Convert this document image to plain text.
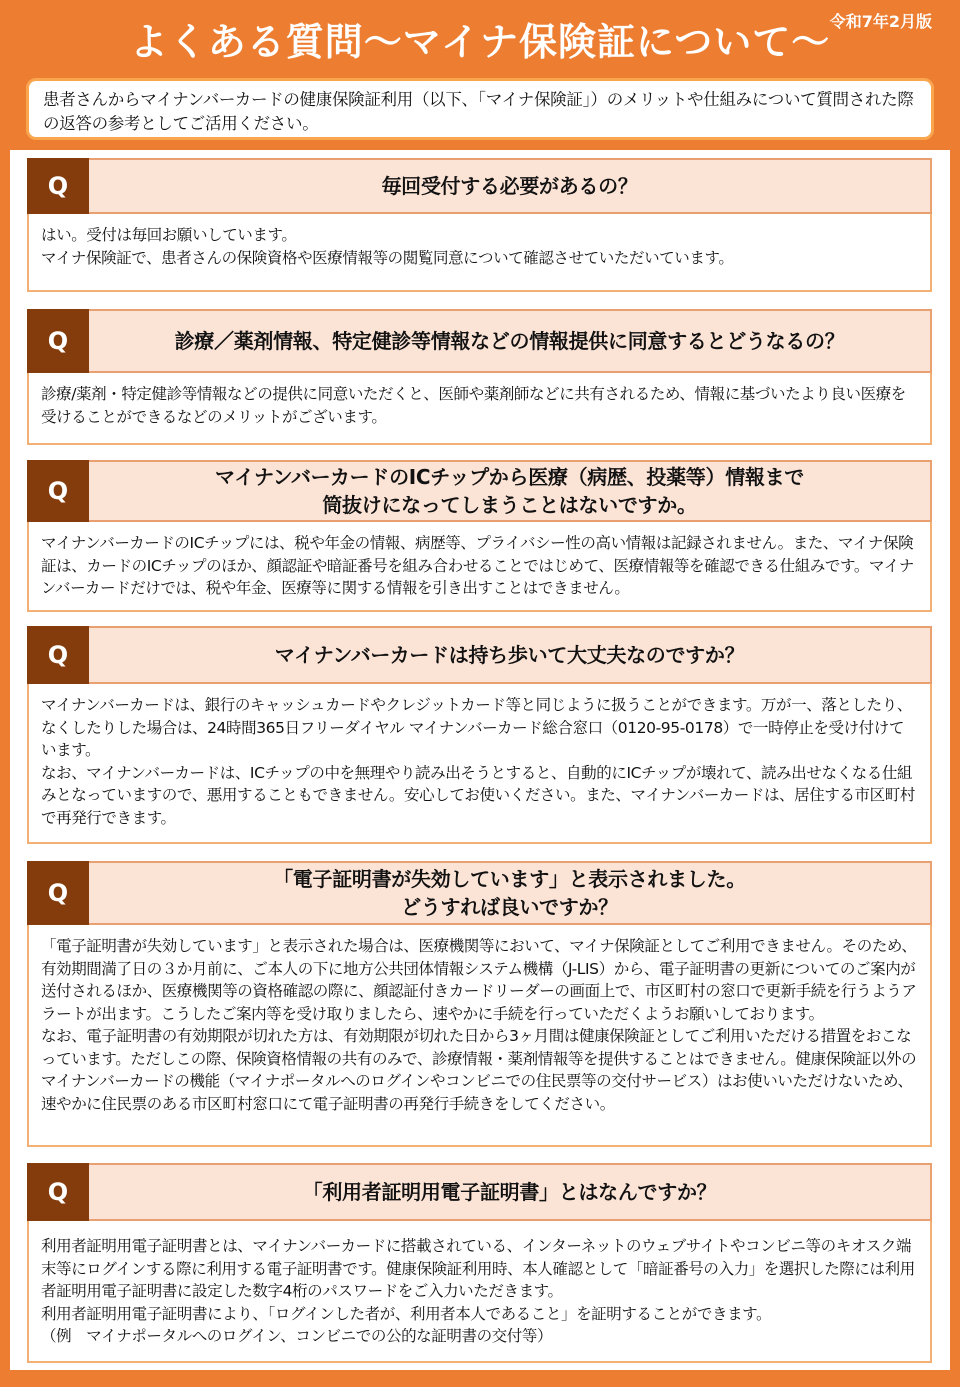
よくある質問～マイナ保険証について～ 令和7年2月版
患者さんからマイナンバーカードの健康保険証利用（以下、「マイナ保険証」）のメリットや仕組みについて質問された際の返答の参考としてご活用ください。
Q	毎回受付する必要があるの？

はい。受付は毎回お願いしています。

マイナ保険証で、患者さんの保険資格や医療情報等の閲覧同意について確認させていただいています。

Q	診療／薬剤情報、特定健診等情報などの情報提供に同意するとどうなるの？

診療/薬剤・特定健診等情報などの提供に同意いただくと、医師や薬剤師などに共有されるため、情報に基づいたより良い医療を受けることができるなどのメリットがございます。

Q	マイナンバーカードのICチップから医療（病歴、投薬等）情報まで
筒抜けになってしまうことはないですか。

マイナンバーカードのICチップには、税や年金の情報、病歴等、プライバシー性の高い情報は記録されません。また、マイナ保険証は、カードのICチップのほか、顔認証や暗証番号を組み合わせることではじめて、医療情報等を確認できる仕組みです。マイナンバーカードだけでは、税や年金、医療等に関する情報を引き出すことはできません。

Q	マイナンバーカードは持ち歩いて大丈夫なのですか？

マイナンバーカードは、銀行のキャッシュカードやクレジットカード等と同じように扱うことができます。万が一、落としたり、なくしたりした場合は、24時間365日フリーダイヤル マイナンバーカード総合窓口（0120-95-0178）で一時停止を受け付けています。

なお、マイナンバーカードは、ICチップの中を無理やり読み出そうとすると、自動的にICチップが壊れて、読み出せなくなる仕組みとなっていますので、悪用することもできません。安心してお使いください。また、マイナンバーカードは、居住する市区町村で再発行できます。

Q	「電子証明書が失効しています」と表示されました。
どうすれば良いですか？

「電子証明書が失効しています」と表示された場合は、医療機関等において、マイナ保険証としてご利用できません。そのため、有効期間満了日の３か月前に、ご本人の下に地方公共団体情報システム機構（J-LIS）から、電子証明書の更新についてのご案内が送付されるほか、医療機関等の資格確認の際に、顔認証付きカードリーダーの画面上で、市区町村の窓口で更新手続を行うようアラートが出ます。こうしたご案内等を受け取りましたら、速やかに手続を行っていただくようお願いしております。

なお、電子証明書の有効期限が切れた方は、有効期限が切れた日から3ヶ月間は健康保険証としてご利用いただける措置をおこなっています。ただしこの際、保険資格情報の共有のみで、診療情報・薬剤情報等を提供することはできません。健康保険証以外のマイナンバーカードの機能（マイナポータルへのログインやコンビニでの住民票等の交付サービス）はお使いいただけないため、速やかに住民票のある市区町村窓口にて電子証明書の再発行手続きをしてください。

Q	「利用者証明用電子証明書」とはなんですか？

利用者証明用電子証明書とは、マイナンバーカードに搭載されている、インターネットのウェブサイトやコンビニ等のキオスク端末等にログインする際に利用する電子証明書です。健康保険証利用時、本人確認として「暗証番号の入力」を選択した際には利用者証明用電子証明書に設定した数字4桁のパスワードをご入力いただきます。

利用者証明用電子証明書により、「ログインした者が、利用者本人であること」を証明することができます。

（例　マイナポータルへのログイン、コンビニでの公的な証明書の交付等）
